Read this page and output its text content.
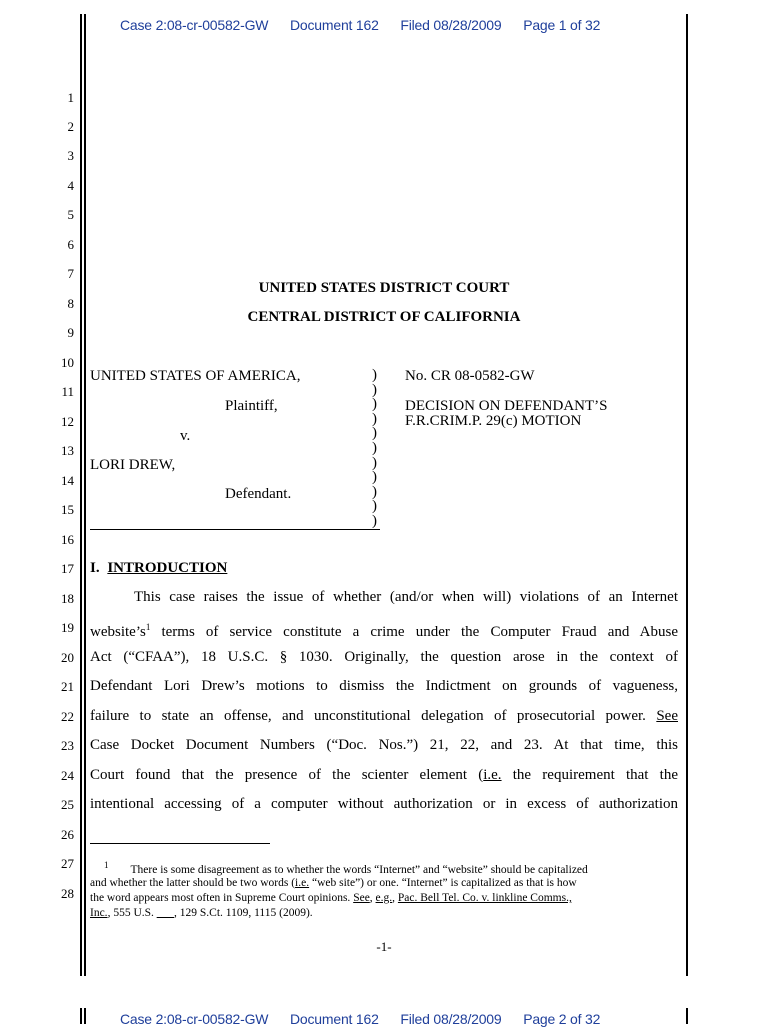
Case 2:08-cr-00582-GW Document 162 Filed 08/28/2009 Page 1 of 32
1
2
3
4
5
6
7
8
9
10
11
12
13
14
15
16
17
18
19
20
21
22
23
24
25
26
27
28
UNITED STATES DISTRICT COURT
CENTRAL DISTRICT OF CALIFORNIA
UNITED STATES OF AMERICA,
Plaintiff,
v.
LORI DREW,
Defendant.
)
)
)
)
)
)
)
)
)
)
)
No. CR 08-0582-GW
DECISION ON DEFENDANT’S
F.R.CRIM.P. 29(c) MOTION
I. INTRODUCTION
This case raises the issue of whether (and/or when will) violations of an Internet
$website’s^1$ terms of service constitute a crime under the Computer Fraud and Abuse
Act (“CFAA”), 18 U.S.C. § 1030. Originally, the question arose in the context of
Defendant Lori Drew’s motions to dismiss the Indictment on grounds of vagueness,
failure to state an offense, and unconstitutional delegation of prosecutorial power. See
Case Docket Document Numbers (“Doc. Nos.”) 21, 22, and 23. At that time, this
Court found that the presence of the scienter element (i.e. the requirement that the
intentional accessing of a computer without authorization or in excess of authorization
$^1$ There is some disagreement as to whether the words “Internet” and “website” should be capitalized
and whether the latter should be two words (i.e. “web site”) or one. “Internet” is capitalized as that is how
the word appears most often in Supreme Court opinions. See, e.g., Pac. Bell Tel. Co. v. linkline Comms.,
Inc., 555 U.S. ___, 129 S.Ct. 1109, 1115 (2009).
-1-
Case 2:08-cr-00582-GW Document 162 Filed 08/28/2009 Page 2 of 32
